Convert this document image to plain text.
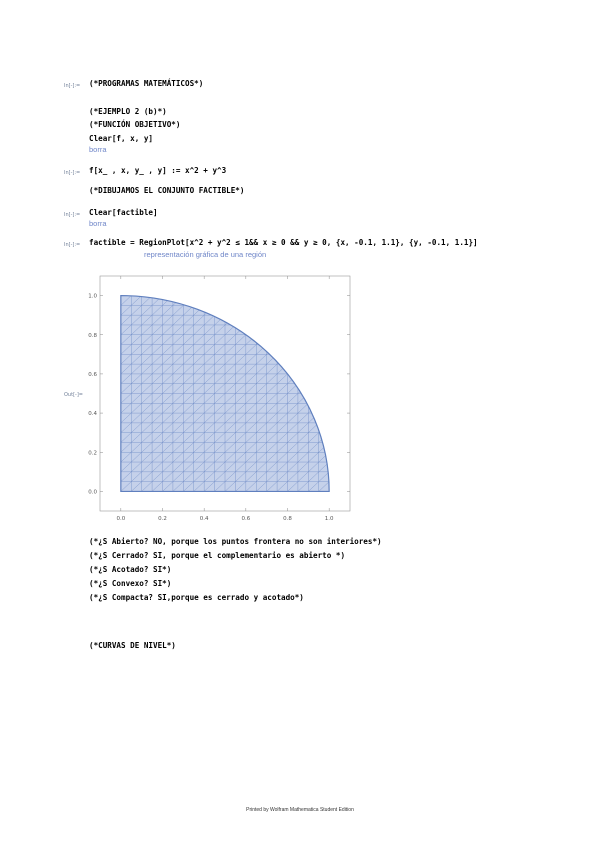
In[-]:= (*PROGRAMAS MATEMÁTICOS*)
(*EJEMPLO 2 (b)*)
(*FUNCIÓN OBJETIVO*)
Clear[f, x, y]
borra
In[-]:= f[x_ , x, y_ , y] := x^2 + y^3
(*DIBUJAMOS EL CONJUNTO FACTIBLE*)
In[-]:= Clear[factible]
borra
In[-]:= factible = RegionPlot[x^2 + y^2 ≤ 1&& x ≥ 0 && y ≥ 0, {x, -0.1, 1.1}, {y, -0.1, 1.1}]
representación gráfica de una región
Out[-]=
0.0	0.2	0.4	0.6	0.8	1.0
0.0
0.2
0.4
0.6
0.8
1.0
(*¿S Abierto? NO, porque los puntos frontera no son interiores*)
(*¿S Cerrado? SI, porque el complementario es abierto *)
(*¿S Acotado? SI*)
(*¿S Convexo? SI*)
(*¿S Compacta? SI,porque es cerrado y acotado*)
(*CURVAS DE NIVEL*)
Printed by Wolfram Mathematica Student Edition
